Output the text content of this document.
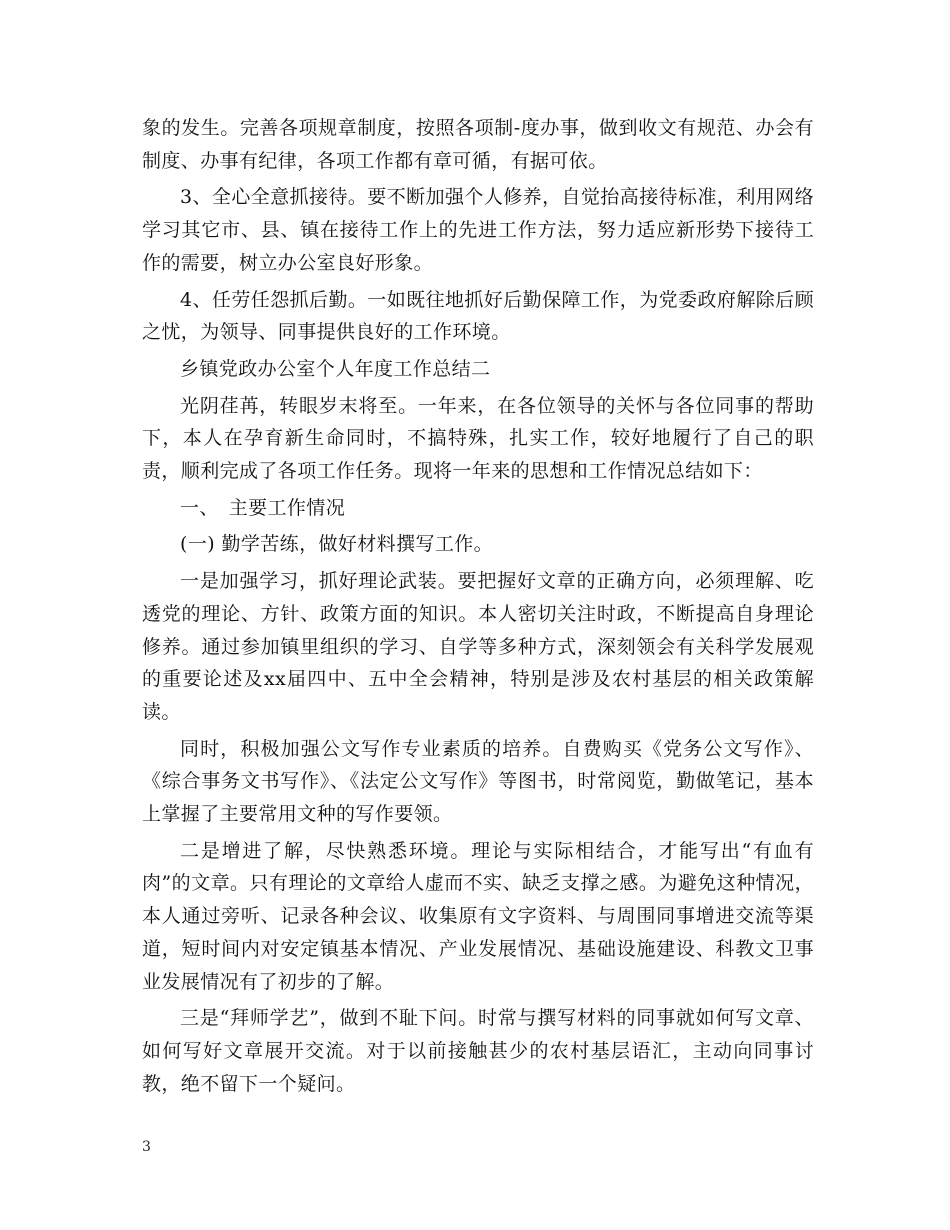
象的发生。完善各项规章制度，按照各项制-度办事，做到收文有规范、办会有制度、办事有纪律，各项工作都有章可循，有据可依。

3、全心全意抓接待。要不断加强个人修养，自觉抬高接待标准，利用网络学习其它市、县、镇在接待工作上的先进工作方法，努力适应新形势下接待工作的需要，树立办公室良好形象。

4、任劳任怨抓后勤。一如既往地抓好后勤保障工作，为党委政府解除后顾之忧，为领导、同事提供良好的工作环境。

乡镇党政办公室个人年度工作总结二

光阴荏苒，转眼岁末将至。一年来，在各位领导的关怀与各位同事的帮助下，本人在孕育新生命同时，不搞特殊，扎实工作，较好地履行了自己的职责，顺利完成了各项工作任务。现将一年来的思想和工作情况总结如下：

一、　主要工作情况

(一) 勤学苦练，做好材料撰写工作。

一是加强学习，抓好理论武装。要把握好文章的正确方向，必须理解、吃透党的理论、方针、政策方面的知识。本人密切关注时政，不断提高自身理论修养。通过参加镇里组织的学习、自学等多种方式，深刻领会有关科学发展观的重要论述及xx届四中、五中全会精神，特别是涉及农村基层的相关政策解读。

同时，积极加强公文写作专业素质的培养。自费购买《党务公文写作》、《综合事务文书写作》、《法定公文写作》等图书，时常阅览，勤做笔记，基本上掌握了主要常用文种的写作要领。

二是增进了解，尽快熟悉环境。理论与实际相结合，才能写出“有血有肉”的文章。只有理论的文章给人虚而不实、缺乏支撑之感。为避免这种情况，本人通过旁听、记录各种会议、收集原有文字资料、与周围同事增进交流等渠道，短时间内对安定镇基本情况、产业发展情况、基础设施建设、科教文卫事业发展情况有了初步的了解。

三是“拜师学艺”，做到不耻下问。时常与撰写材料的同事就如何写文章、如何写好文章展开交流。对于以前接触甚少的农村基层语汇，主动向同事讨教，绝不留下一个疑问。

3
